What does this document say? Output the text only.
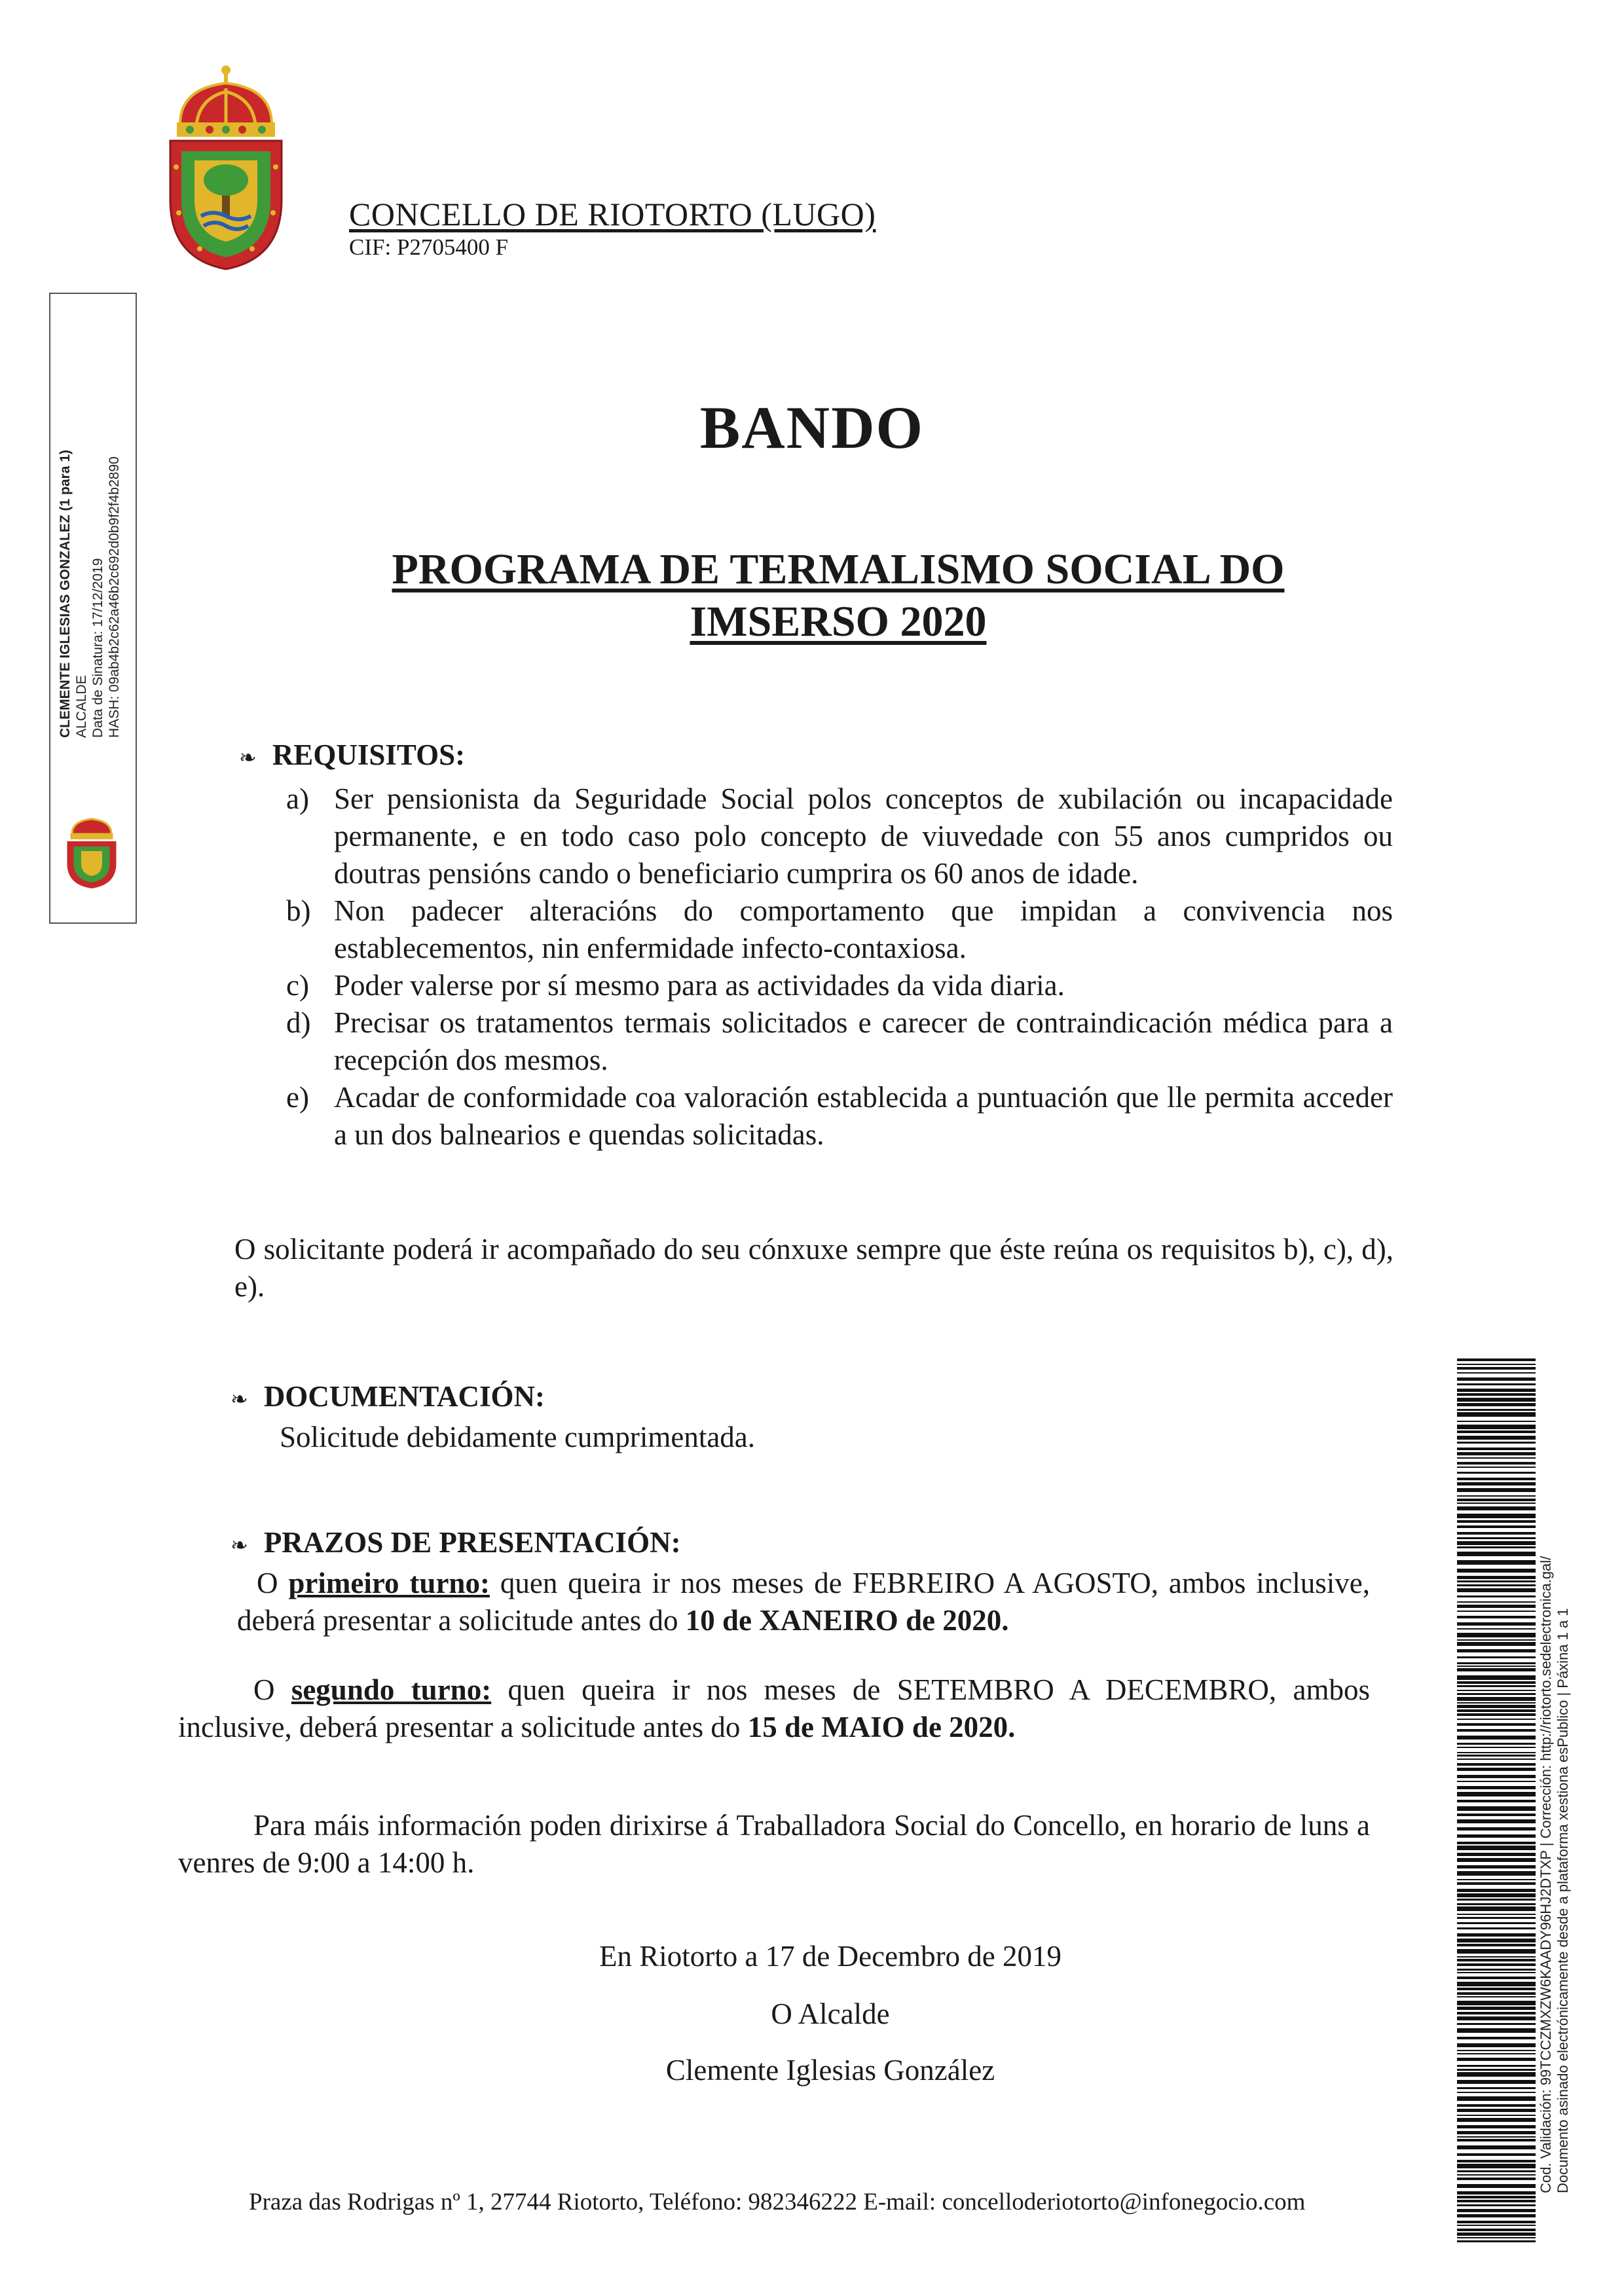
CONCELLO DE RIOTORTO (LUGO)
CIF: P2705400 F
CLEMENTE IGLESIAS GONZALEZ (1 para 1) ALCALDE Data de Sinatura: 17/12/2019 HASH: 09ab4b2c62a46b2c692d0b9f2f4b2890
BANDO
PROGRAMA DE TERMALISMO SOCIAL DO
IMSERSO 2020
❧ REQUISITOS:
a) Ser pensionista da Seguridade Social polos conceptos de xubilación ou incapacidade permanente, e en todo caso polo concepto de viuvedade con 55 anos cumpridos ou doutras pensións cando o beneficiario cumprira os 60 anos de idade.
b) Non padecer alteracións do comportamento que impidan a convivencia nos establecementos, nin enfermidade infecto-contaxiosa.
c) Poder valerse por sí mesmo para as actividades da vida diaria.
d) Precisar os tratamentos termais solicitados e carecer de contraindicación médica para a recepción dos mesmos.
e) Acadar de conformidade coa valoración establecida a puntuación que lle permita acceder a un dos balnearios e quendas solicitadas.
O solicitante poderá ir acompañado do seu cónxuxe sempre que éste reúna os requisitos b), c), d), e).
❧ DOCUMENTACIÓN:
Solicitude debidamente cumprimentada.
❧ PRAZOS DE PRESENTACIÓN:
O primeiro turno: quen queira ir nos meses de FEBREIRO A AGOSTO, ambos inclusive, deberá presentar a solicitude antes do 10 de XANEIRO de 2020.
O segundo turno: quen queira ir nos meses de SETEMBRO A DECEMBRO, ambos inclusive, deberá presentar a solicitude antes do 15 de MAIO de 2020.
Para máis información poden dirixirse á Traballadora Social do Concello, en horario de luns a venres de 9:00 a 14:00 h.
En Riotorto a 17 de Decembro de 2019
O Alcalde
Clemente Iglesias González
Praza das Rodrigas nº 1, 27744 Riotorto, Teléfono: 982346222 E-mail: concelloderiotorto@infonegocio.com
Cod. Validación: 99TCCZMXZW6KAADY96HJ2DTXP | Corrección: http://riotorto.sedelectronica.gal/ Documento asinado electrónicamente desde a plataforma xestiona esPublico | Páxina 1 a 1
